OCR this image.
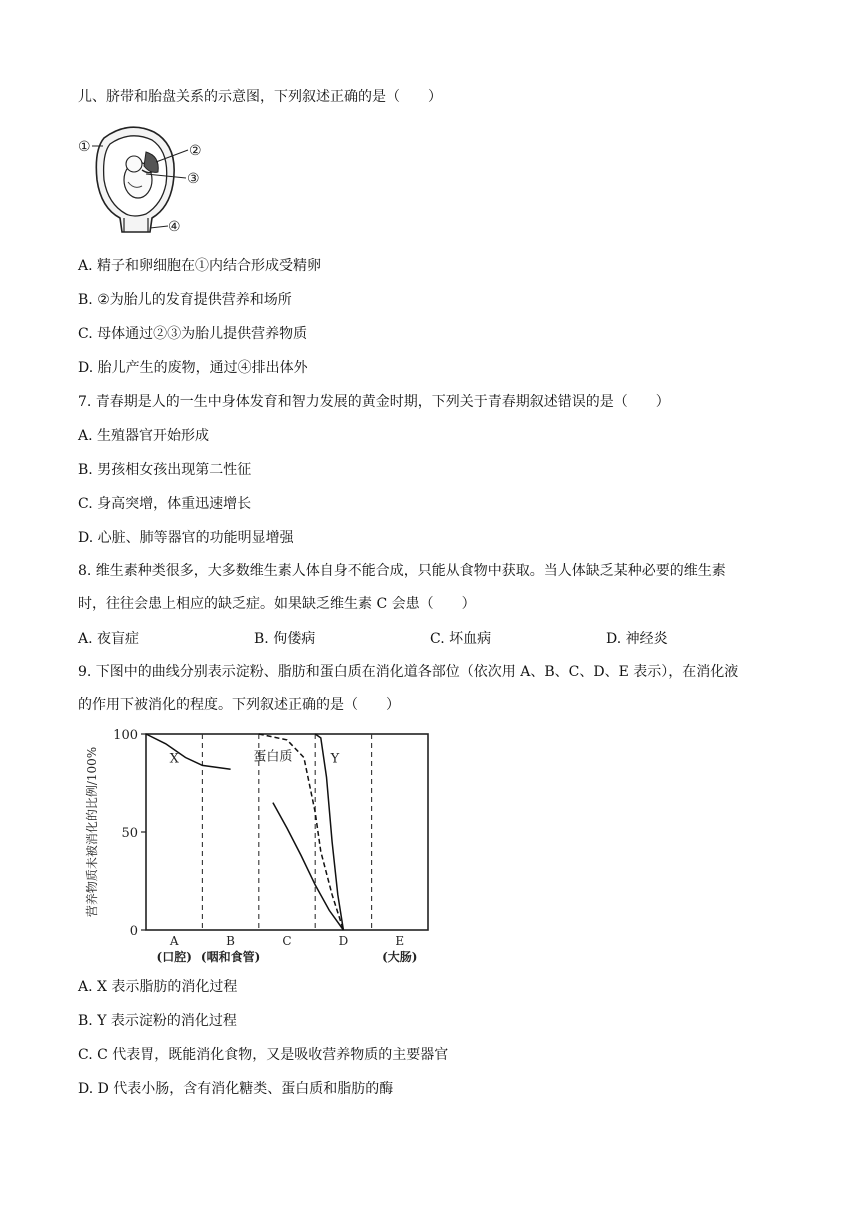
儿、脐带和胎盘关系的示意图，下列叙述正确的是（　　）
①	②
③
④
A. 精子和卵细胞在①内结合形成受精卵
B. ②为胎儿的发育提供营养和场所
C. 母体通过②③为胎儿提供营养物质
D. 胎儿产生的废物，通过④排出体外
7. 青春期是人的一生中身体发育和智力发展的黄金时期，下列关于青春期叙述错误的是（　　）
A. 生殖器官开始形成
B. 男孩相女孩出现第二性征
C. 身高突增，体重迅速增长
D. 心脏、肺等器官的功能明显增强
8. 维生素种类很多，大多数维生素人体自身不能合成，只能从食物中获取。当人体缺乏某种必要的维生素
时，往往会患上相应的缺乏症。如果缺乏维生素 C 会患（　　）
A. 夜盲症	B. 佝偻病	C. 坏血病	D. 神经炎
9. 下图中的曲线分别表示淀粉、脂肪和蛋白质在消化道各部位（依次用 A、B、C、D、E 表示），在消化液
的作用下被消化的程度。下列叙述正确的是（　　）
100
50
0
营养物质未被消化的比例/100%
A
(口腔)
B
(咽和食管)
C	D	E
(大肠)
X	蛋白质	Y
A. X 表示脂肪的消化过程
B. Y 表示淀粉的消化过程
C. C 代表胃，既能消化食物，又是吸收营养物质的主要器官
D. D 代表小肠，含有消化糖类、蛋白质和脂肪的酶
